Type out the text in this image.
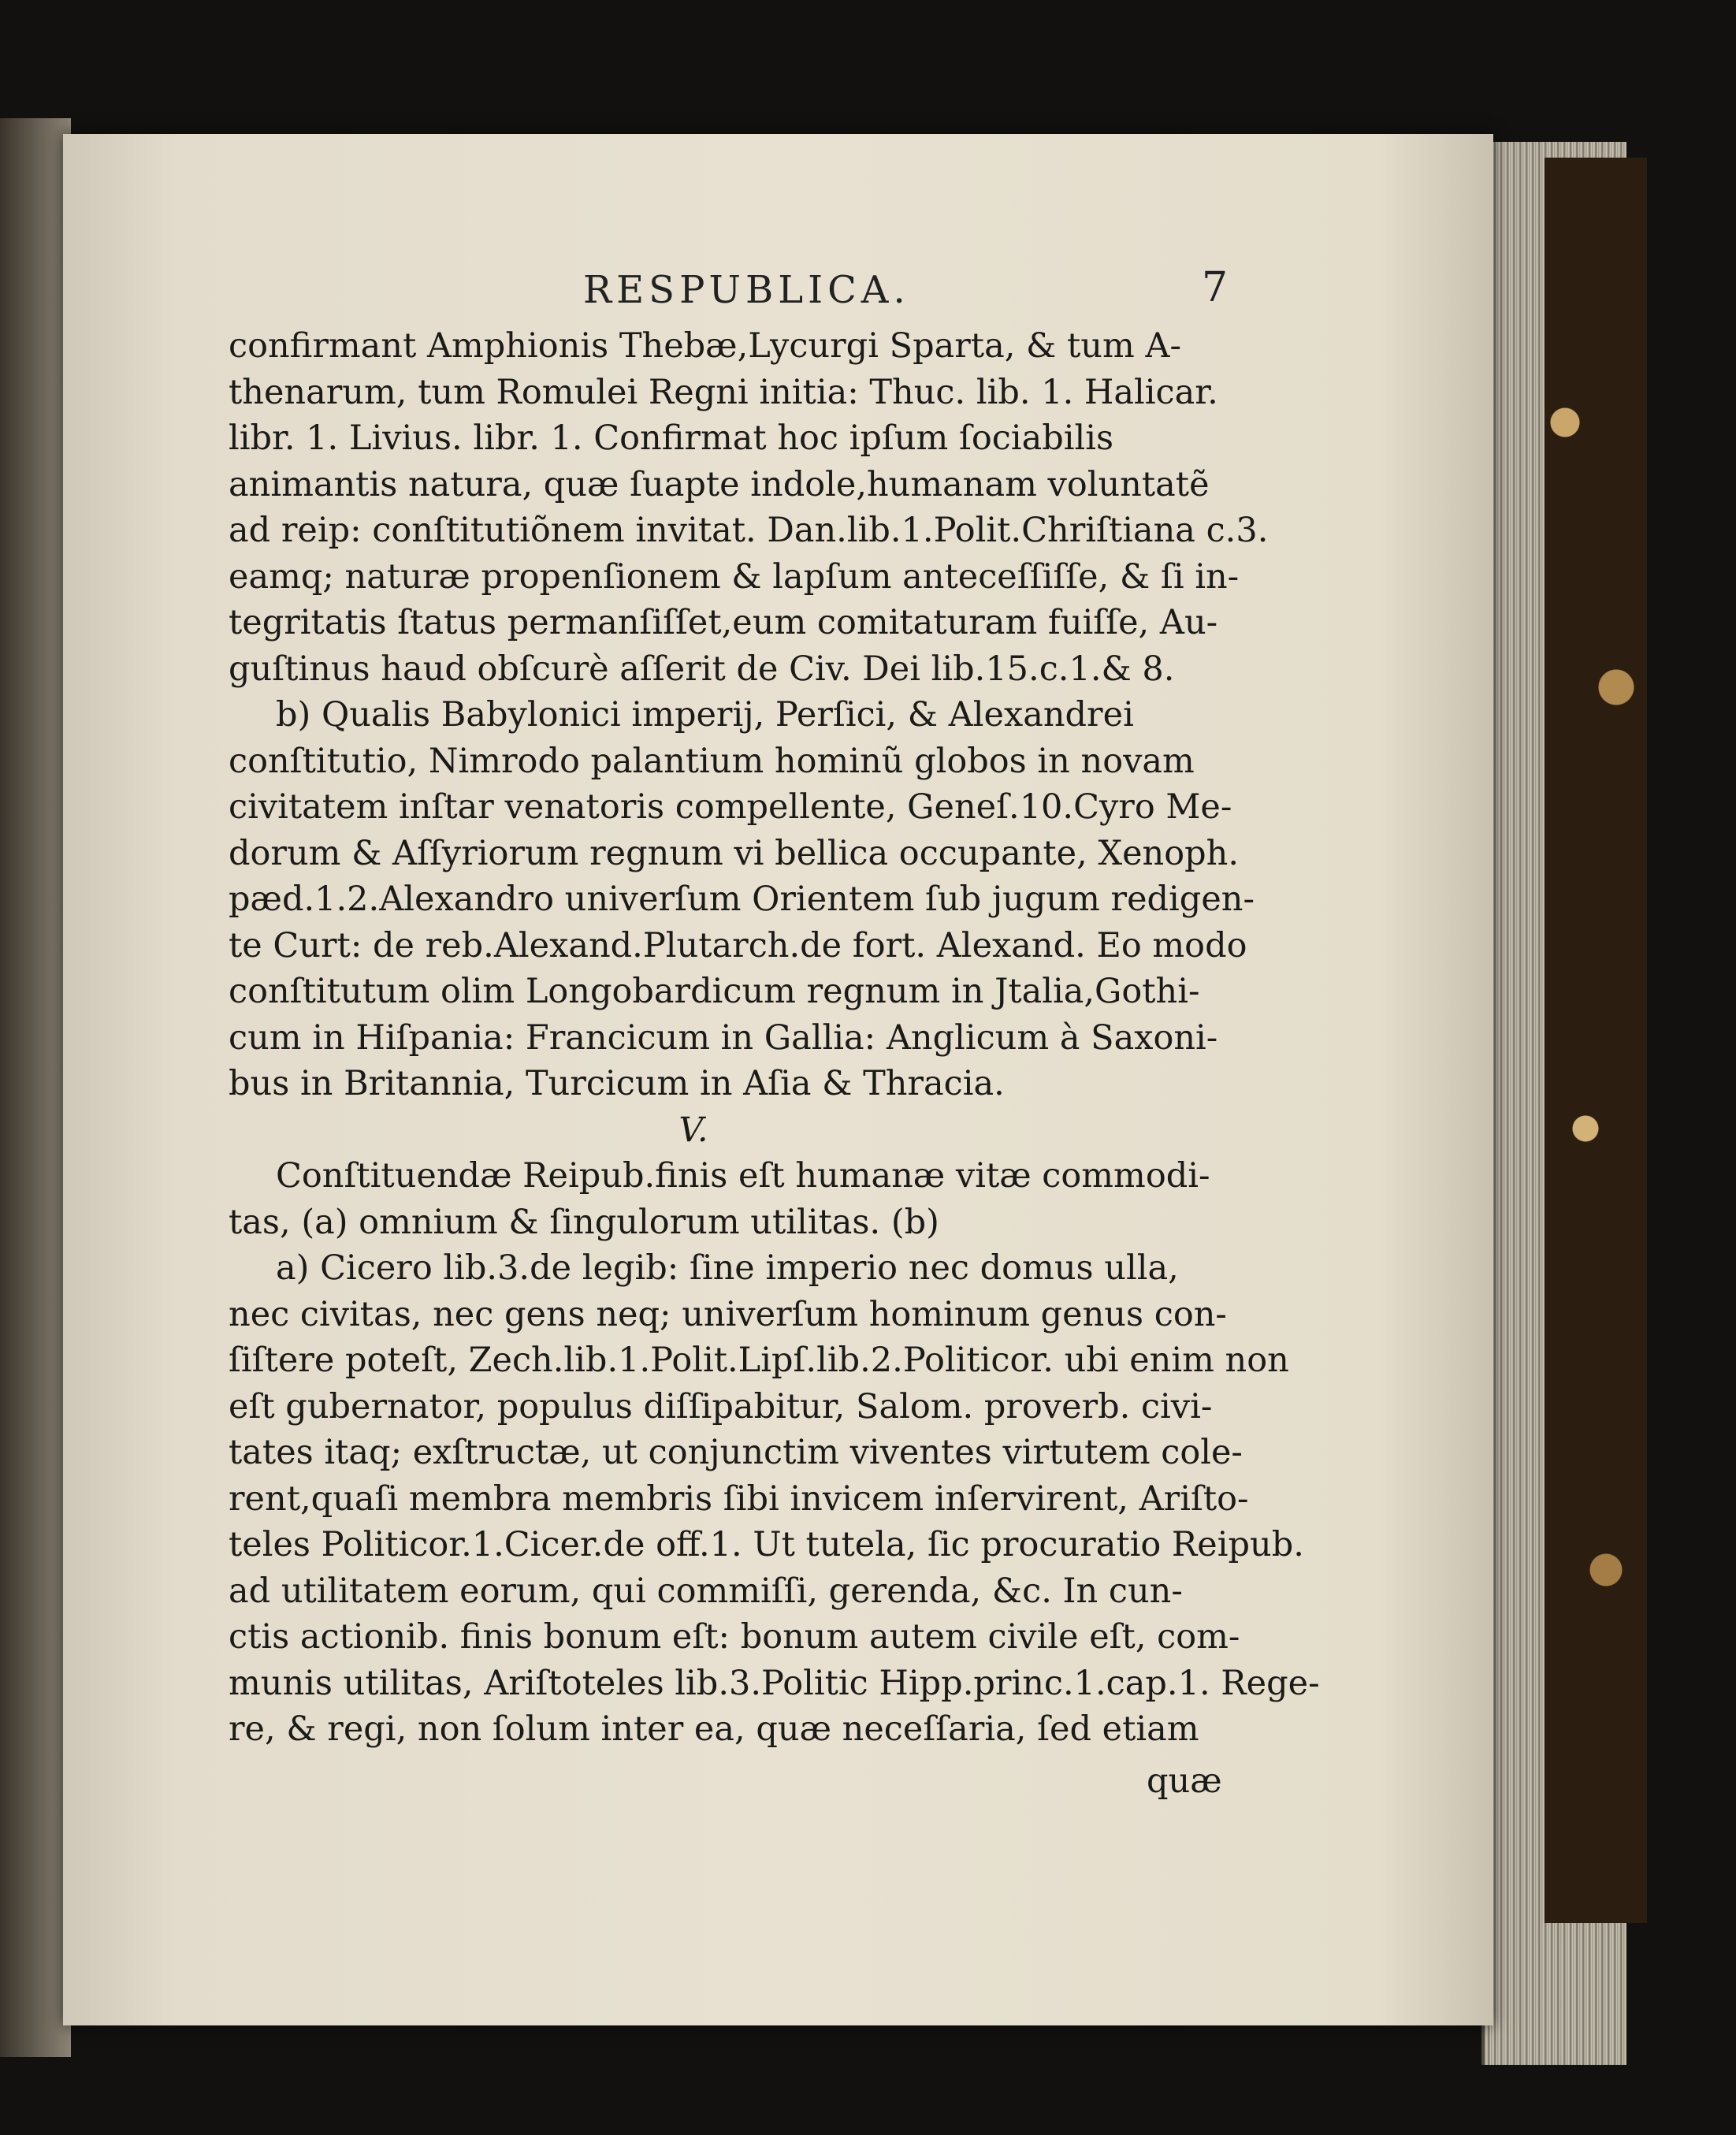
RESPUBLICA.	7
confirmant Amphionis Thebæ,Lycurgi Sparta, & tum A-
thenarum, tum Romulei Regni initia: Thuc. lib. 1. Halicar.
libr. 1. Livius. libr. 1. Confirmat hoc ipſum ſociabilis
animantis natura, quæ ſuapte indole,humanam voluntatẽ
ad reip: conſtitutiõnem invitat. Dan.lib.1.Polit.Chriſtiana c.3.
eamq; naturæ propenſionem & lapſum anteceſſiſſe, & ſi in-
tegritatis ſtatus permanſiſſet,eum comitaturam fuiſſe, Au-
guſtinus haud obſcurè aſſerit de Civ. Dei lib.15.c.1.& 8.
b) Qualis Babylonici imperij, Perſici, & Alexandrei
conſtitutio, Nimrodo palantium hominũ globos in novam
civitatem inſtar venatoris compellente, Geneſ.10.Cyro Me-
dorum & Aſſyriorum regnum vi bellica occupante, Xenoph.
pæd.1.2.Alexandro univerſum Orientem ſub jugum redigen-
te Curt: de reb.Alexand.Plutarch.de fort. Alexand. Eo modo
conſtitutum olim Longobardicum regnum in Jtalia,Gothi-
cum in Hiſpania: Francicum in Gallia: Anglicum à Saxoni-
bus in Britannia, Turcicum in Aſia & Thracia.
V.
Conſtituendæ Reipub.finis eſt humanæ vitæ commodi-
tas, (a) omnium & ſingulorum utilitas. (b)
a) Cicero lib.3.de legib: ſine imperio nec domus ulla,
nec civitas, nec gens neq; univerſum hominum genus con-
ſiſtere poteſt, Zech.lib.1.Polit.Lipſ.lib.2.Politicor. ubi enim non
eſt gubernator, populus diſſipabitur, Salom. proverb. civi-
tates itaq; exſtructæ, ut conjunctim viventes virtutem cole-
rent,quaſi membra membris ſibi invicem inſervirent, Ariſto-
teles Politicor.1.Cicer.de off.1. Ut tutela, ſic procuratio Reipub.
ad utilitatem eorum, qui commiſſi, gerenda, &c. In cun-
ctis actionib. finis bonum eſt: bonum autem civile eſt, com-
munis utilitas, Ariſtoteles lib.3.Politic Hipp.princ.1.cap.1. Rege-
re, & regi, non ſolum inter ea, quæ neceſſaria, ſed etiam
quæ
